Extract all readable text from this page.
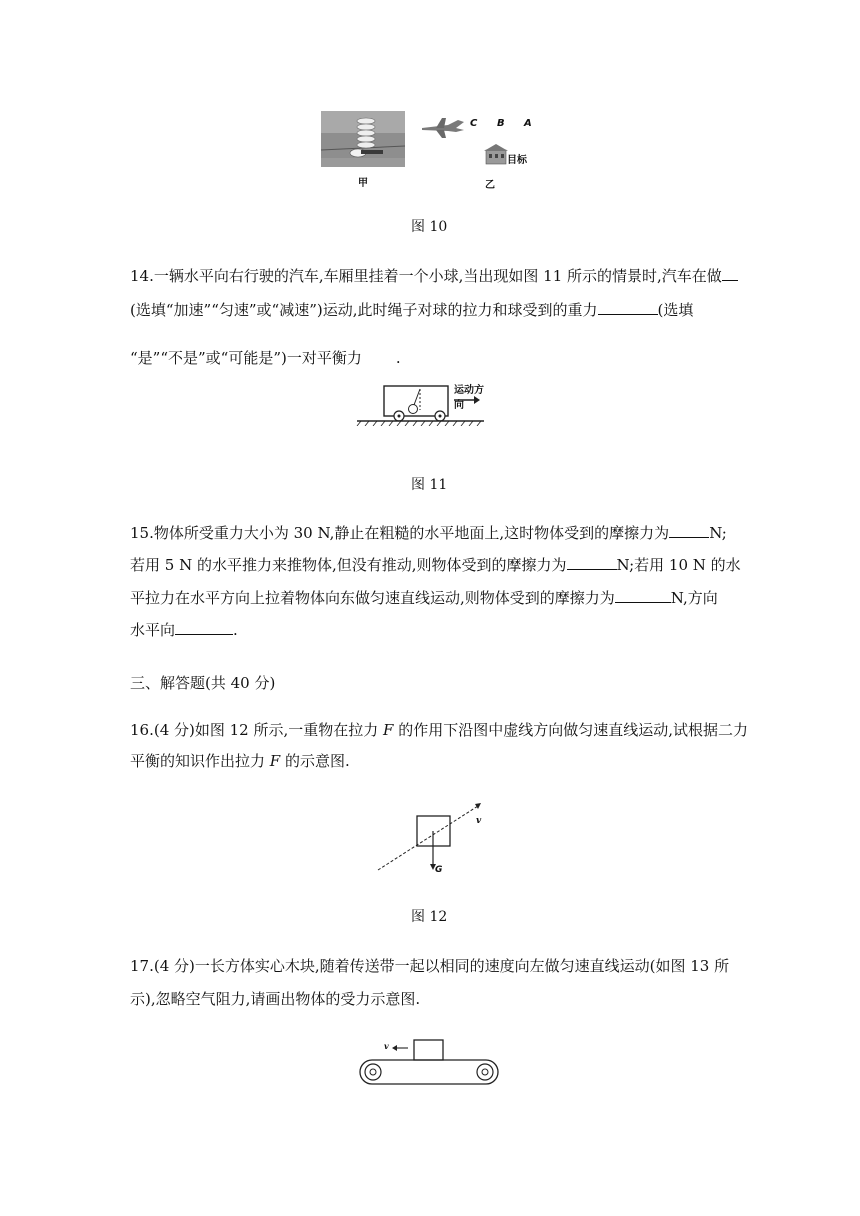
C B A
目标
甲	乙
图 10
14.一辆水平向右行驶的汽车,车厢里挂着一个小球,当出现如图 11 所示的情景时,汽车在做
(选填“加速”“匀速”或“减速”)运动,此时绳子对球的拉力和球受到的重力	(选填
“是”“不是”或“可能是”)一对平衡力 .
运动方向
图 11
15.物体所受重力大小为 30 N,静止在粗糙的水平地面上,这时物体受到的摩擦力为	N;
若用 5 N 的水平推力来推物体,但没有推动,则物体受到的摩擦力为	N;若用 10 N 的水
平拉力在水平方向上拉着物体向东做匀速直线运动,则物体受到的摩擦力为	N,方向
水平向	.
三、解答题(共 40 分)
16.(4 分)如图 12 所示,一重物在拉力 F 的作用下沿图中虚线方向做匀速直线运动,试根据二力
平衡的知识作出拉力 F 的示意图.
v
G
图 12
17.(4 分)一长方体实心木块,随着传送带一起以相同的速度向左做匀速直线运动(如图 13 所
示),忽略空气阻力,请画出物体的受力示意图.
v
